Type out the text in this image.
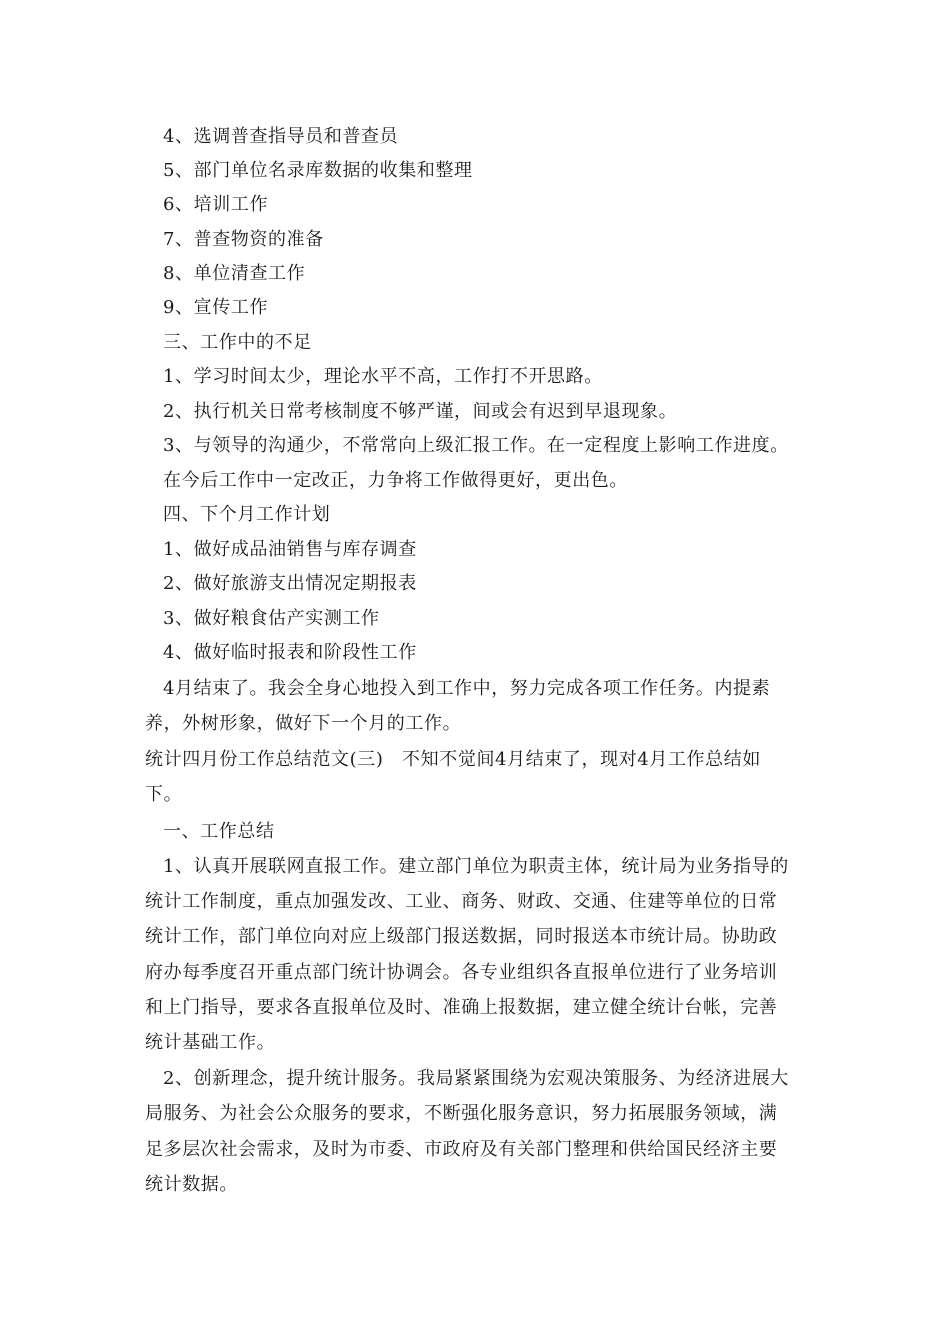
4、选调普查指导员和普查员
5、部门单位名录库数据的收集和整理
6、培训工作
7、普查物资的准备
8、单位清查工作
9、宣传工作
三、工作中的不足
1、学习时间太少，理论水平不高，工作打不开思路。
2、执行机关日常考核制度不够严谨，间或会有迟到早退现象。
3、与领导的沟通少，不常常向上级汇报工作。在一定程度上影响工作进度。
在今后工作中一定改正，力争将工作做得更好，更出色。
四、下个月工作计划
1、做好成品油销售与库存调查
2、做好旅游支出情况定期报表
3、做好粮食估产实测工作
4、做好临时报表和阶段性工作
4月结束了。我会全身心地投入到工作中，努力完成各项工作任务。内提素
养，外树形象，做好下一个月的工作。
统计四月份工作总结范文(三)　不知不觉间4月结束了，现对4月工作总结如
下。
一、工作总结
1、认真开展联网直报工作。建立部门单位为职责主体，统计局为业务指导的
统计工作制度，重点加强发改、工业、商务、财政、交通、住建等单位的日常
统计工作，部门单位向对应上级部门报送数据，同时报送本市统计局。协助政
府办每季度召开重点部门统计协调会。各专业组织各直报单位进行了业务培训
和上门指导，要求各直报单位及时、准确上报数据，建立健全统计台帐，完善
统计基础工作。
2、创新理念，提升统计服务。我局紧紧围绕为宏观决策服务、为经济进展大
局服务、为社会公众服务的要求，不断强化服务意识，努力拓展服务领域，满
足多层次社会需求，及时为市委、市政府及有关部门整理和供给国民经济主要
统计数据。
